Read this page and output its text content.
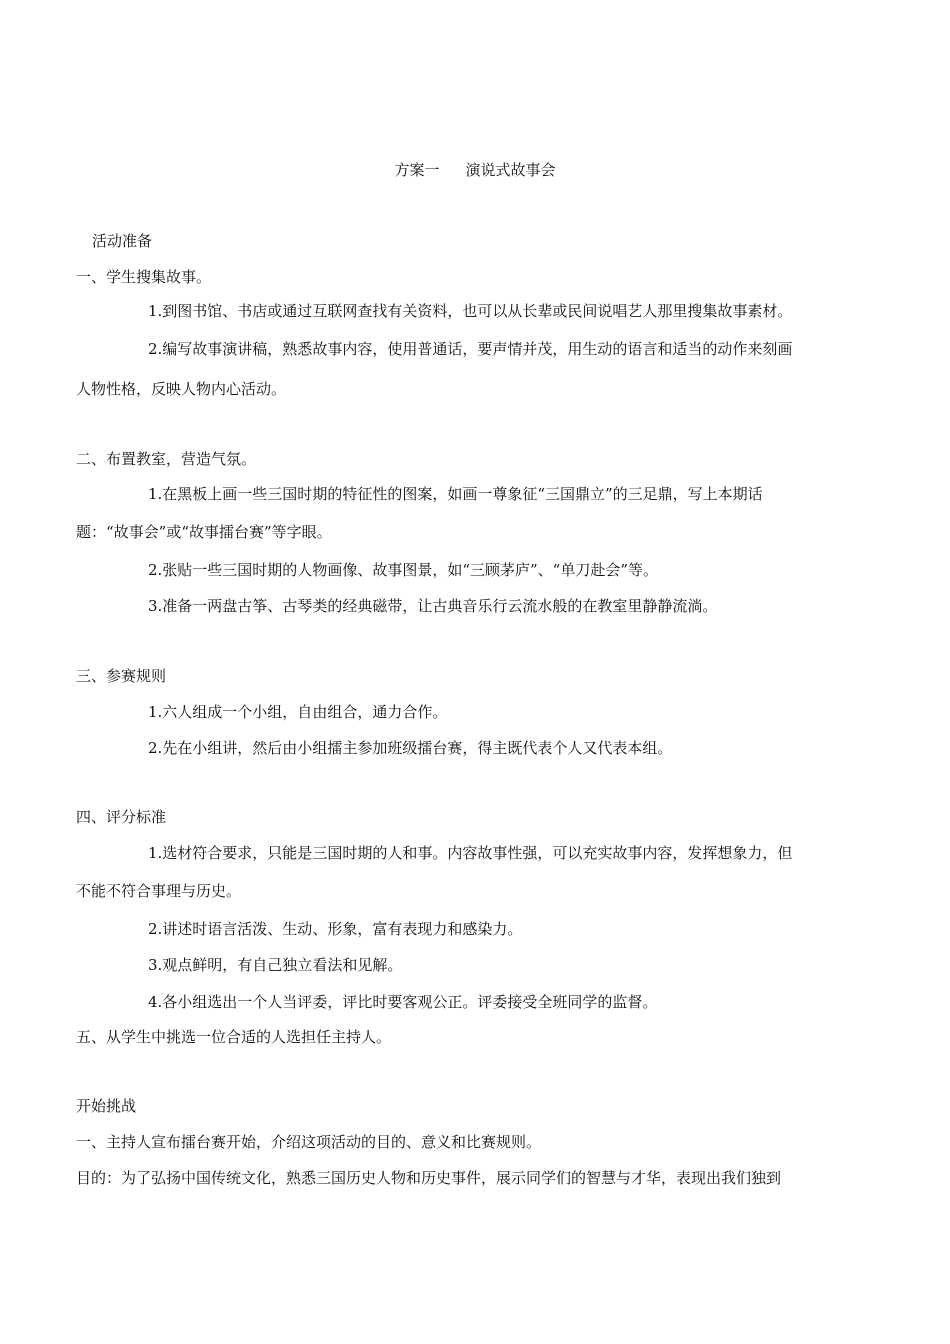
方案一 演说式故事会
活动准备
一、学生搜集故事。
1.到图书馆、书店或通过互联网查找有关资料，也可以从长辈或民间说唱艺人那里搜集故事素材。
2.编写故事演讲稿，熟悉故事内容，使用普通话，要声情并茂，用生动的语言和适当的动作来刻画
人物性格，反映人物内心活动。
二、布置教室，营造气氛。
1.在黑板上画一些三国时期的特征性的图案，如画一尊象征“三国鼎立”的三足鼎，写上本期话
题：“故事会”或“故事擂台赛”等字眼。
2.张贴一些三国时期的人物画像、故事图景，如“三顾茅庐”、“单刀赴会”等。
3.准备一两盘古筝、古琴类的经典磁带，让古典音乐行云流水般的在教室里静静流淌。
三、参赛规则
1.六人组成一个小组，自由组合，通力合作。
2.先在小组讲，然后由小组擂主参加班级擂台赛，得主既代表个人又代表本组。
四、评分标准
1.选材符合要求，只能是三国时期的人和事。内容故事性强，可以充实故事内容，发挥想象力，但
不能不符合事理与历史。
2.讲述时语言活泼、生动、形象，富有表现力和感染力。
3.观点鲜明，有自己独立看法和见解。
4.各小组选出一个人当评委，评比时要客观公正。评委接受全班同学的监督。
五、从学生中挑选一位合适的人选担任主持人。
开始挑战
一、主持人宣布擂台赛开始，介绍这项活动的目的、意义和比赛规则。
目的：为了弘扬中国传统文化，熟悉三国历史人物和历史事件，展示同学们的智慧与才华，表现出我们独到
